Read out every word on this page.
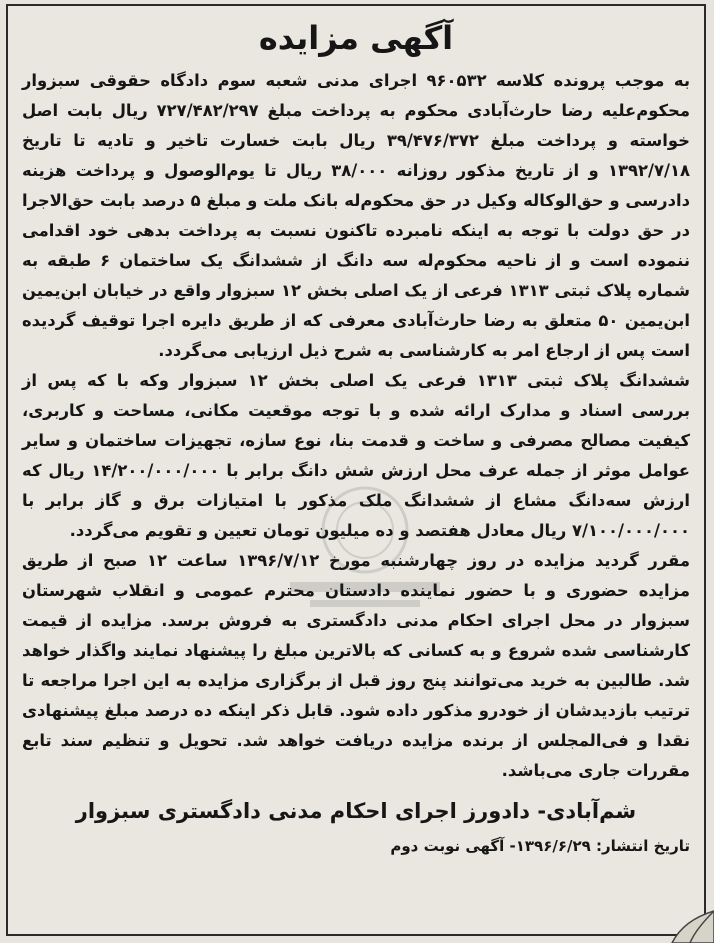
آگهی مزایده

به موجب پرونده کلاسه ۹۶۰۵۳۲ اجرای مدنی شعبه سوم دادگاه حقوقی سبزوار محکوم‌علیه رضا حارث‌آبادی محکوم به پرداخت مبلغ ۷۲۷/۴۸۲/۲۹۷ ریال بابت اصل خواسته و پرداخت مبلغ ۳۹/۴۷۶/۳۷۲ ریال بابت خسارت تاخیر و تادیه تا تاریخ ۱۳۹۲/۷/۱۸ و از تاریخ مذکور روزانه ۳۸/۰۰۰ ریال تا یوم‌الوصول و پرداخت هزینه دادرسی و حق‌الوکاله وکیل در حق محکوم‌له بانک ملت و مبلغ ۵ درصد بابت حق‌الاجرا در حق دولت با توجه به اینکه نامبرده تاکنون نسبت به پرداخت بدهی خود اقدامی ننموده است و از ناحیه محکوم‌له سه دانگ از ششدانگ یک ساختمان ۶ طبقه به شماره پلاک ثبتی ۱۳۱۳ فرعی از یک اصلی بخش ۱۲ سبزوار واقع در خیابان ابن‌یمین ابن‌یمین ۵۰ متعلق به رضا حارث‌آبادی معرفی که از طریق دایره اجرا توقیف گردیده است پس از ارجاع امر به کارشناسی به شرح ذیل ارزیابی می‌گردد.

ششدانگ پلاک ثبتی ۱۳۱۳ فرعی یک اصلی بخش ۱۲ سبزوار وکه با که پس از بررسی اسناد و مدارک ارائه شده و با توجه موقعیت مکانی، مساحت و کاربری، کیفیت مصالح مصرفی و ساخت و قدمت بنا، نوع سازه، تجهیزات ساختمان و سایر عوامل موثر از جمله عرف محل ارزش شش دانگ برابر با ۱۴/۲۰۰/۰۰۰/۰۰۰ ریال که ارزش سه‌دانگ مشاع از ششدانگ ملک مذکور با امتیازات برق و گاز برابر با ۷/۱۰۰/۰۰۰/۰۰۰ ریال معادل هفتصد و ده میلیون تومان تعیین و تقویم می‌گردد.

مقرر گردید مزایده در روز چهارشنبه مورخ ۱۳۹۶/۷/۱۲ ساعت ۱۲ صبح از طریق مزایده حضوری و با حضور نماینده دادستان محترم عمومی و انقلاب شهرستان سبزوار در محل اجرای احکام مدنی دادگستری به فروش برسد. مزایده از قیمت کارشناسی شده شروع و به کسانی که بالاترین مبلغ را پیشنهاد نمایند واگذار خواهد شد. طالبین به خرید می‌توانند پنج روز قبل از برگزاری مزایده به این اجرا مراجعه تا ترتیب بازدیدشان از خودرو مذکور داده شود. قابل ذکر اینکه ده درصد مبلغ پیشنهادی نقدا و فی‌المجلس از برنده مزایده دریافت خواهد شد. تحویل و تنظیم سند تابع مقررات جاری می‌باشد.

شم‌آبادی- دادورز اجرای احکام مدنی دادگستری سبزوار
تاریخ انتشار: ۱۳۹۶/۶/۲۹- آگهی نوبت دوم
